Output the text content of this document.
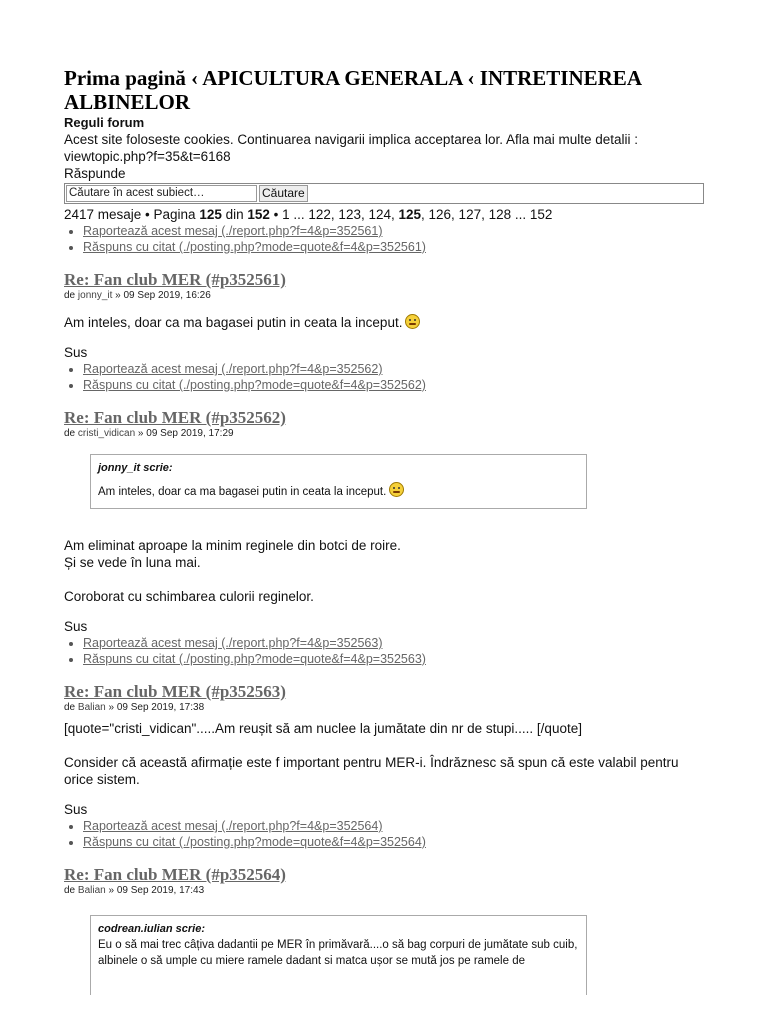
Prima pagină ‹ APICULTURA GENERALA ‹ INTRETINEREA ALBINELOR
Reguli forum
Acest site foloseste cookies. Continuarea navigarii implica acceptarea lor. Afla mai multe detalii : viewtopic.php?f=35&t=6168
Răspunde
Căutare în acest subiect…	Căutare
2417 mesaje • Pagina 125 din 152 • 1 ... 122, 123, 124, 125, 126, 127, 128 ... 152
• Raportează acest mesaj (./report.php?f=4&p=352561)
• Răspuns cu citat (./posting.php?mode=quote&f=4&p=352561)
Re: Fan club MER (#p352561)
de jonny_it » 09 Sep 2019, 16:26
Am inteles, doar ca ma bagasei putin in ceata la inceput.
Sus
• Raportează acest mesaj (./report.php?f=4&p=352562)
• Răspuns cu citat (./posting.php?mode=quote&f=4&p=352562)
Re: Fan club MER (#p352562)
de cristi_vidican » 09 Sep 2019, 17:29
jonny_it scrie:
Am inteles, doar ca ma bagasei putin in ceata la inceput.

Am eliminat aproape la minim reginele din botci de roire.

Și se vede în luna mai.

Coroborat cu schimbarea culorii reginelor.

Sus
• Raportează acest mesaj (./report.php?f=4&p=352563)
• Răspuns cu citat (./posting.php?mode=quote&f=4&p=352563)
Re: Fan club MER (#p352563)
de Balian » 09 Sep 2019, 17:38

[quote="cristi_vidican".....Am reușit să am nuclee la jumătate din nr de stupi..... [/quote]

Consider că această afirmație este f important pentru MER-i. Îndrăznesc să spun că este valabil pentru orice sistem.

Sus
• Raportează acest mesaj (./report.php?f=4&p=352564)
• Răspuns cu citat (./posting.php?mode=quote&f=4&p=352564)
Re: Fan club MER (#p352564)
de Balian » 09 Sep 2019, 17:43
codrean.iulian scrie:
Eu o să mai trec câțiva dadantii pe MER în primăvară....o să bag corpuri de jumătate sub cuib, albinele o să umple cu miere ramele dadant si matca ușor se mută jos pe ramele de
